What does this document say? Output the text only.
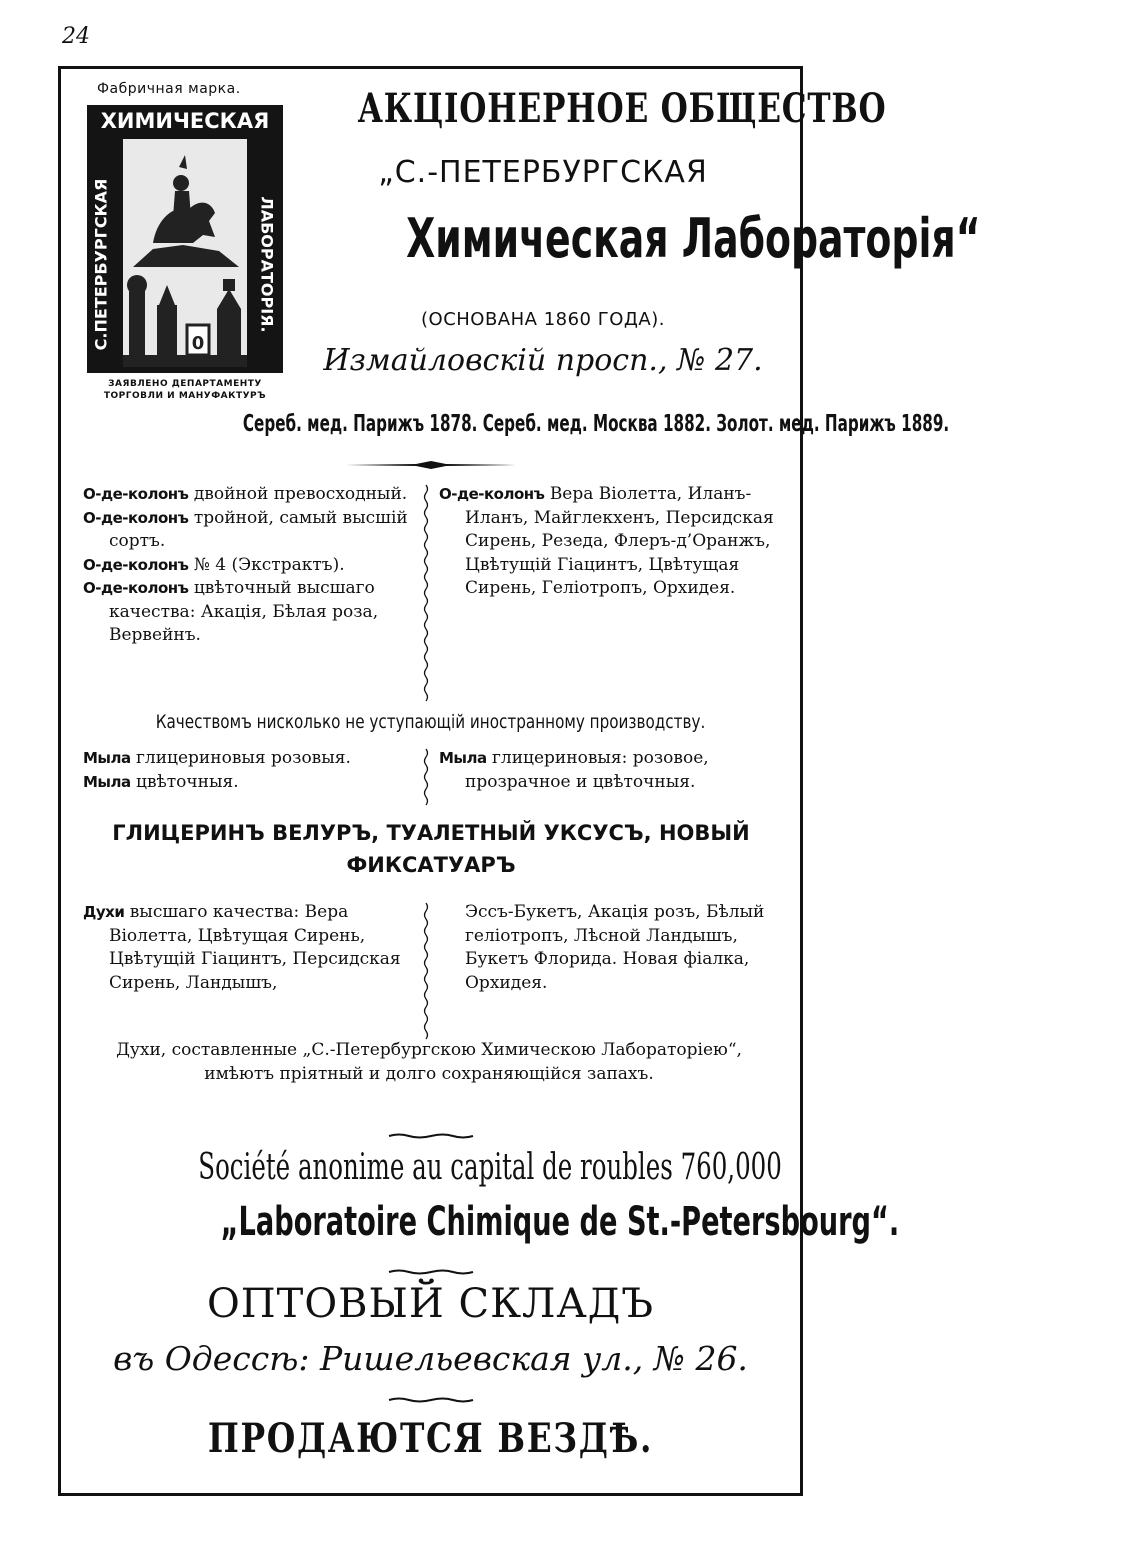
24
Фабричная марка.
ХИМИЧЕСКАЯ
С.ПЕТЕРБУРГСКАЯ	ЛАБОРАТОРІЯ.
0
ЗАЯВЛЕНО ДЕПАРТАМЕНТУ
ТОРГОВЛИ И МАНУФАКТУРЪ
АКЦІОНЕРНОЕ ОБЩЕСТВО
„С.-ПЕТЕРБУРГСКАЯ
Химическая Лабораторія“
(ОСНОВАНА 1860 ГОДА).
Измайловскій просп., № 27.
Сереб. мед. Парижъ 1878. Сереб. мед. Москва 1882. Золот. мед. Парижъ 1889.

О-де-колонъ двойной превосходный.

О-де-колонъ тройной, самый высшій сортъ.

О-де-колонъ № 4 (Экстрактъ).

О-де-колонъ цвѣточный высшаго качества: Акація, Бѣлая роза, Вервейнъ.

О-де-колонъ Вера Віолетта, Иланъ-Иланъ, Майглекхенъ, Персидская Сирень, Резеда, Флеръ-д’Оранжъ, Цвѣтущій Гіацинтъ, Цвѣтущая Сирень, Геліотропъ, Орхидея.

Качествомъ нисколько не уступающій иностранному производству.

Мыла глицериновыя розовыя.

Мыла цвѣточныя.

Мыла глицериновыя: розовое, прозрачное и цвѣточныя.

ГЛИЦЕРИНЪ ВЕЛУРЪ, ТУАЛЕТНЫЙ УКСУСЪ, НОВЫЙ ФИКСАТУАРЪ

Духи высшаго качества: Вера Віолетта, Цвѣтущая Сирень, Цвѣтущій Гіацинтъ, Персидская Сирень, Ландышъ,

Эссъ-Букетъ, Акація розъ, Бѣлый геліотропъ, Лѣсной Ландышъ, Букетъ Флорида. Новая фіалка, Орхидея.

Духи, составленные „С.-Петербургскою Химическою Лабораторіею“, имѣютъ пріятный и долго сохраняющійся запахъ.
Société anonime au capital de roubles 760,000
„Laboratoire Chimique de St.-Petersbourg“.
ОПТОВЫЙ СКЛАДЪ
въ Одессѣ: Ришельевская ул., № 26.
ПРОДАЮТСЯ ВЕЗДѢ.
